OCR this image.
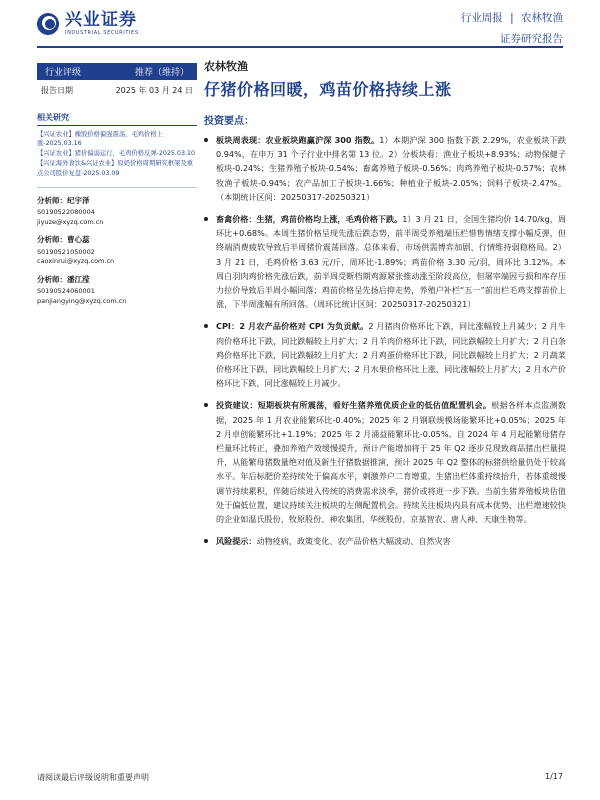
兴业证券
INDUSTRIAL SECURITIES
行业周报 | 农林牧渔
证券研究报告
行业评级	推荐（维持）
报告日期	2025 年 03 月 24 日
相关研究
【兴证农业】橡胶价格偏强震荡，毛鸡价格上涨-2025.03.16
【兴证农业】猪价偏弱运行，毛鸡价格反弹-2025.03.10
【兴证海外食饮&兴证农业】原奶价格周期研究框架及重点公司股价复盘-2025.03.09
分析师：纪宇泽
S0190522080004
jiyuze@xyzq.com.cn
分析师：曹心蕊
S0190521050002
caoxinrui@xyzq.com.cn
分析师：潘江滢
S0190524060001
panjiangying@xyzq.com.cn
农林牧渔
仔猪价格回暖，鸡苗价格持续上涨
投资要点：
板块周表现：农业板块跑赢沪深 300 指数。1）本期沪深 300 指数下跌 2.29%，农业板块下跌 0.94%，在申万 31 个子行业中排名第 13 位。2）分板块看：渔业子板块+8.93%；动物保健子板块-0.24%；生猪养殖子板块-0.54%；畜禽养殖子板块-0.56%；肉鸡养殖子板块-0.57%；农林牧渔子板块-0.94%；农产品加工子板块-1.66%；种植业子板块-2.05%；饲料子板块-2.47%。（本期统计区间：20250317-20250321）
畜禽价格：生猪，鸡苗价格均上涨，毛鸡价格下跌。1）3 月 21 日，全国生猪均价 14.70/kg，周环比+0.68%。本周生猪价格呈现先涨后跌态势，前半周受养殖端压栏惜售情绪支撑小幅反弹，但终端消费疲软导致后半周猪价震荡回落。总体来看，市场供需博弈加剧、行情维持弱稳格局。2）3 月 21 日，毛鸡价格 3.63 元/斤，周环比-1.89%；鸡苗价格 3.30 元/羽，周环比 3.12%。本周白羽肉鸡价格先涨后跌，前半周受断档期鸡源紧张推动涨至阶段高位，但屠宰端因亏损和库存压力拉价导致后半周小幅回落；鸡苗价格呈先扬后抑走势，养殖户补栏“五一”前出栏毛鸡支撑苗价上涨，下半周涨幅有所回落。（周环比统计区间：20250317-20250321）
CPI：2 月农产品价格对 CPI 为负贡献。2 月猪肉价格环比下跌，同比涨幅较上月减少；2 月牛肉价格环比下跌，同比跌幅较上月扩大；2 月羊肉价格环比下跌，同比跌幅较上月扩大；2 月白条鸡价格环比下跌，同比跌幅较上月扩大；2 月鸡蛋价格环比下跌，同比跌幅较上月扩大；2 月蔬菜价格环比下跌，同比跌幅较上月扩大；2 月水果价格环比上涨，同比涨幅较上月扩大；2 月水产价格环比下跌，同比涨幅较上月减少。
投资建议：短期板块有所震荡，看好生猪养殖优质企业的低估值配置机会。根据各样本点监测数据，2025 年 1 月农业能繁环比-0.40%；2025 年 2 月钢联规模场能繁环比+0.05%；2025 年 2 月卓创能繁环比+1.19%；2025 年 2 月涌益能繁环比-0.05%。自 2024 年 4 月起能繁母猪存栏量环比转正，叠加养殖产效缓慢提升，预计产能增加将于 25 年 Q2 逐步兑现致商品猪出栏量提升，从能繁母猪数量绝对值及新生仔猪数据推演，预计 2025 年 Q2 整体的标猪供给量仍处于较高水平。年后标肥价差持续处于偏高水平，刺激养户二育增重，生猪出栏体重持续抬升，若体重缓慢调节持续累积，伴随后续进入传统的消费需求淡季，猪价或将进一步下跌。当前生猪养殖板块估值处于偏低位置，建议持续关注板块的左侧配置机会。持续关注板块内具有成本优势、出栏增速较快的企业如温氏股份、牧原股份、神农集团、华统股份、京基智农、唐人神、天康生物等。
风险提示：动物疫病、政策变化、农产品价格大幅波动、自然灾害
请阅读最后评级说明和重要声明	1/17
